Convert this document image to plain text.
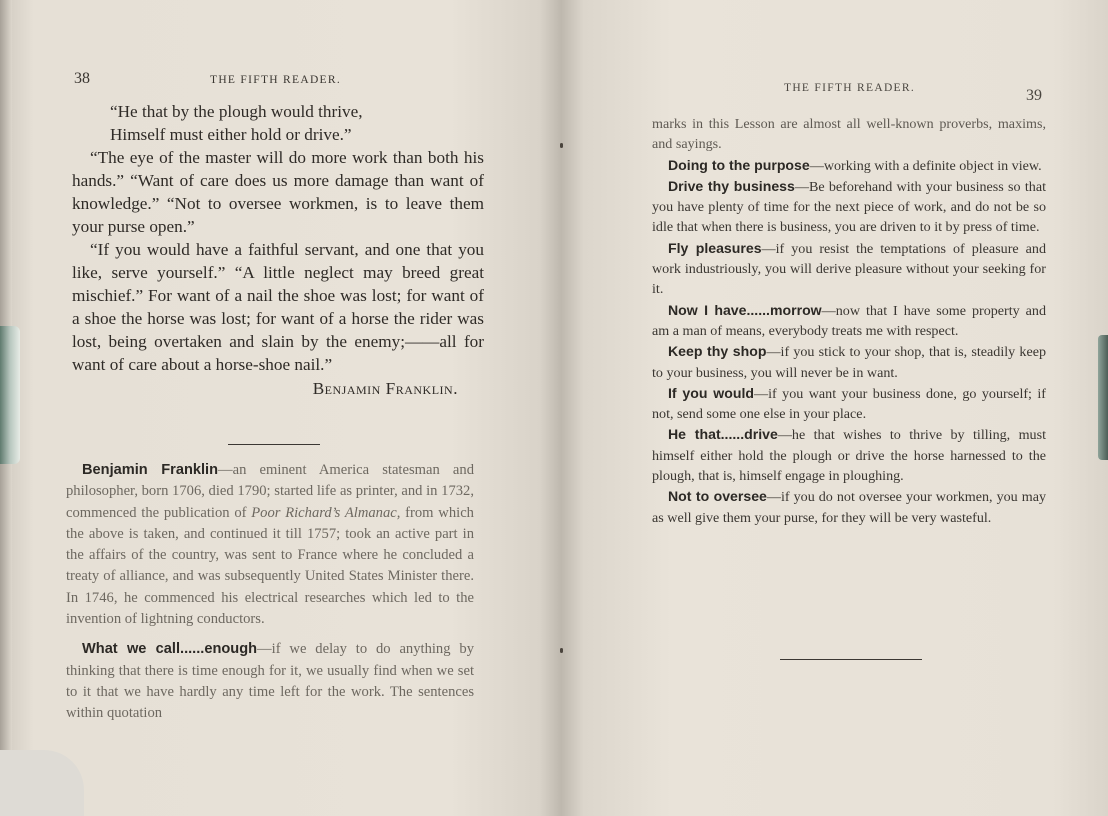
38	THE FIFTH READER.
“He that by the plough would thrive,
Himself must either hold or drive.”

“The eye of the master will do more work than both his hands.” “Want of care does us more damage than want of knowledge.” “Not to oversee workmen, is to leave them your purse open.”

“If you would have a faithful servant, and one that you like, serve yourself.” “A little neglect may breed great mischief.” For want of a nail the shoe was lost; for want of a shoe the horse was lost; for want of a horse the rider was lost, being overtaken and slain by the enemy;——all for want of care about a horse-shoe nail.”

Benjamin Franklin.

Benjamin Franklin—an eminent America statesman and philosopher, born 1706, died 1790; started life as printer, and in 1732, commenced the publication of Poor Richard’s Almanac, from which the above is taken, and continued it till 1757; took an active part in the affairs of the country, was sent to France where he concluded a treaty of alliance, and was subsequently United States Minister there. In 1746, he commenced his electrical researches which led to the invention of lightning conductors.

What we call......enough—if we delay to do anything by thinking that there is time enough for it, we usually find when we set to it that we have hardly any time left for the work. The sentences within quotation

THE FIFTH READER.	39

marks in this Lesson are almost all well-known proverbs, maxims, and sayings.

Doing to the purpose—working with a definite object in view.

Drive thy business—Be beforehand with your business so that you have plenty of time for the next piece of work, and do not be so idle that when there is business, you are driven to it by press of time.

Fly pleasures—if you resist the temptations of pleasure and work industriously, you will derive pleasure without your seeking for it.

Now I have......morrow—now that I have some property and am a man of means, everybody treats me with respect.

Keep thy shop—if you stick to your shop, that is, steadily keep to your business, you will never be in want.

If you would—if you want your business done, go yourself; if not, send some one else in your place.

He that......drive—he that wishes to thrive by tilling, must himself either hold the plough or drive the horse harnessed to the plough, that is, himself engage in ploughing.

Not to oversee—if you do not oversee your workmen, you may as well give them your purse, for they will be very wasteful.
